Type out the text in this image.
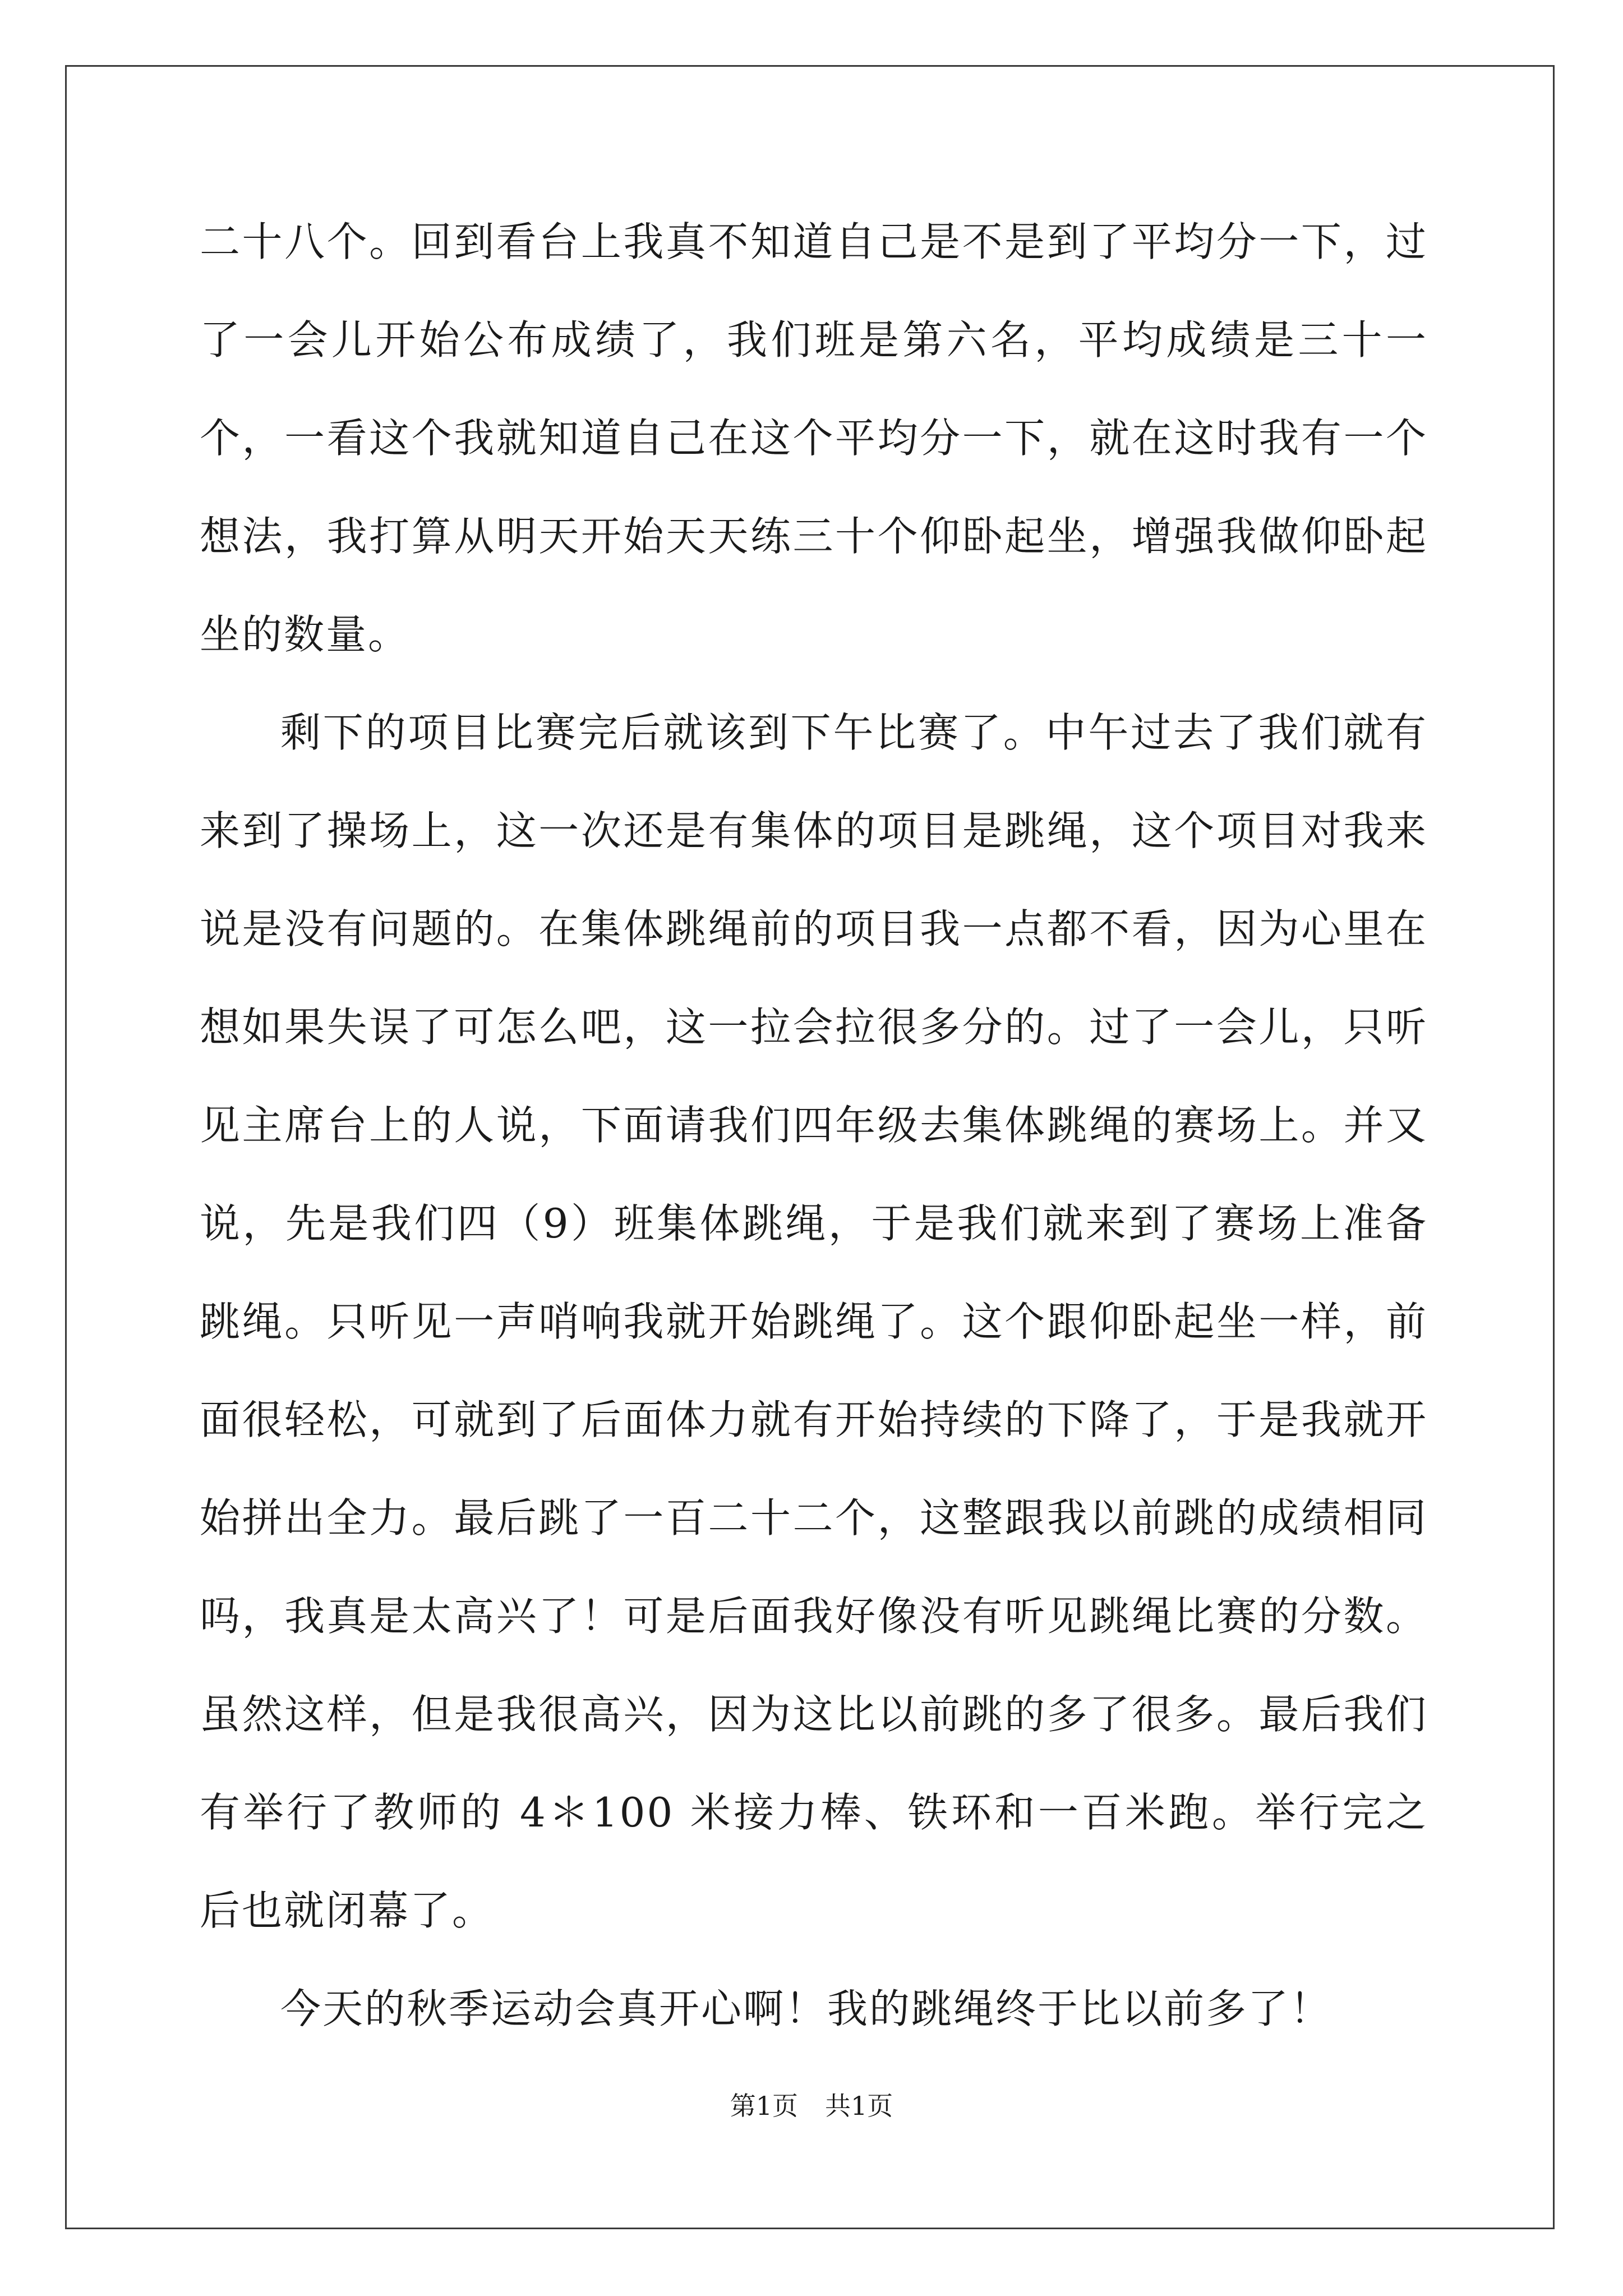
二十八个。回到看台上我真不知道自己是不是到了平均分一下，过了一会儿开始公布成绩了，我们班是第六名，平均成绩是三十一个，一看这个我就知道自己在这个平均分一下，就在这时我有一个想法，我打算从明天开始天天练三十个仰卧起坐，增强我做仰卧起坐的数量。

剩下的项目比赛完后就该到下午比赛了。中午过去了我们就有来到了操场上，这一次还是有集体的项目是跳绳，这个项目对我来说是没有问题的。在集体跳绳前的项目我一点都不看，因为心里在想如果失误了可怎么吧，这一拉会拉很多分的。过了一会儿，只听见主席台上的人说，下面请我们四年级去集体跳绳的赛场上。并又说，先是我们四（9）班集体跳绳，于是我们就来到了赛场上准备跳绳。只听见一声哨响我就开始跳绳了。这个跟仰卧起坐一样，前面很轻松，可就到了后面体力就有开始持续的下降了，于是我就开始拼出全力。最后跳了一百二十二个，这整跟我以前跳的成绩相同吗，我真是太高兴了！可是后面我好像没有听见跳绳比赛的分数。虽然这样，但是我很高兴，因为这比以前跳的多了很多。最后我们有举行了教师的 4＊100 米接力棒、铁环和一百米跑。举行完之后也就闭幕了。

今天的秋季运动会真开心啊！我的跳绳终于比以前多了！

第1页 共1页
